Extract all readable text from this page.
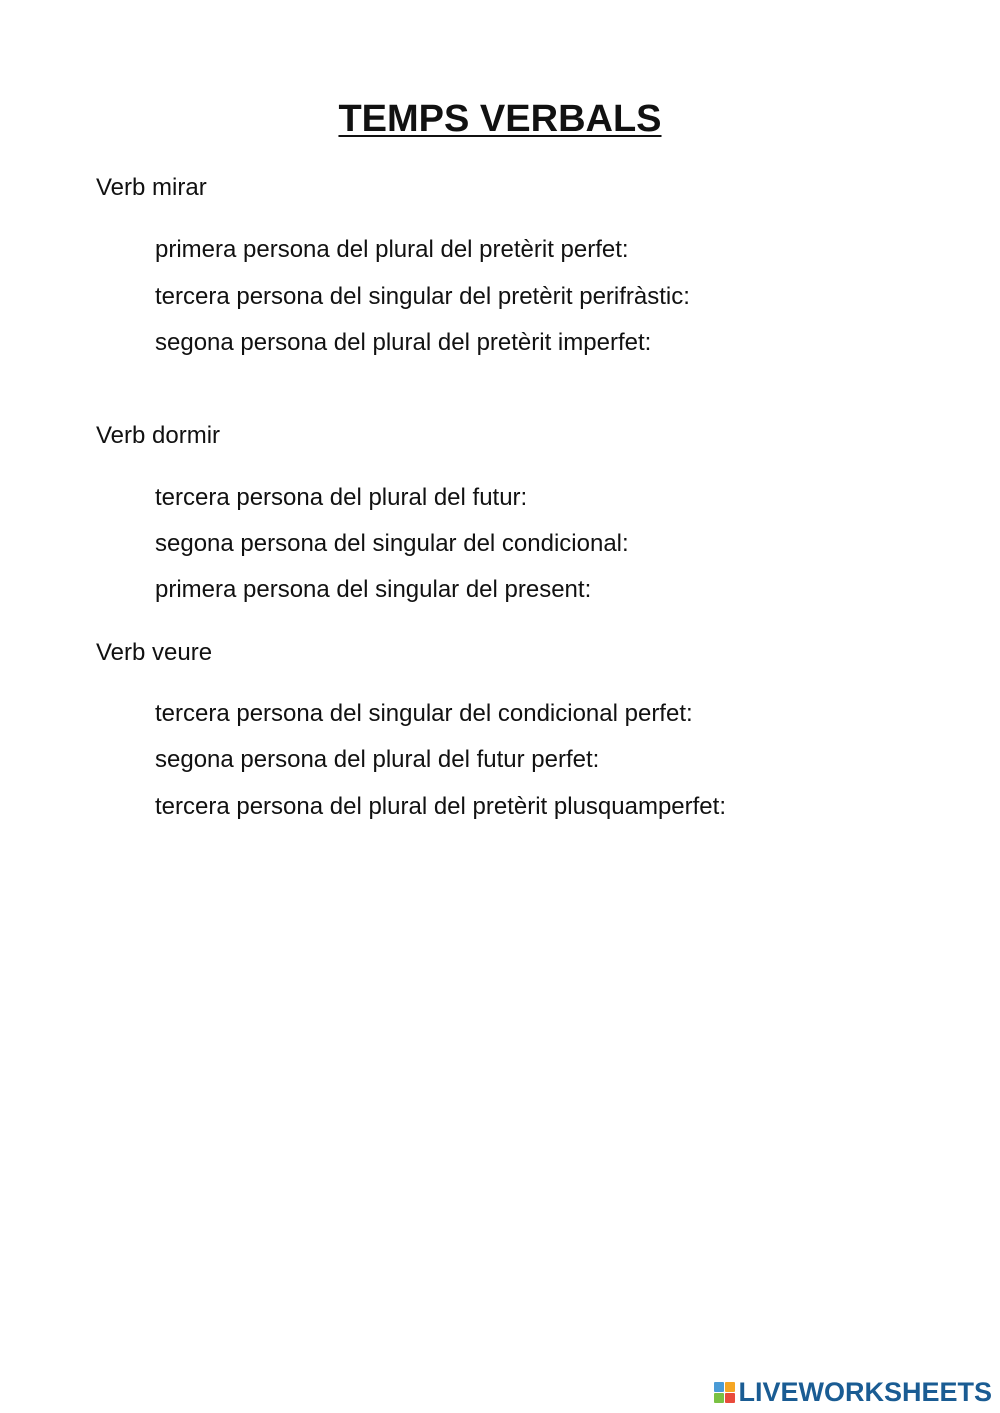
TEMPS VERBALS

Verb mirar

primera persona del plural del pretèrit perfet:

tercera persona del singular del pretèrit perifràstic:

segona persona del plural del pretèrit imperfet:

Verb dormir

tercera persona del plural del futur:

segona persona del singular del condicional:

primera persona del singular del present:

Verb veure

tercera persona del singular del condicional perfet:

segona persona del plural del futur perfet:

tercera persona del plural del pretèrit plusquamperfet:

LIVEWORKSHEETS
